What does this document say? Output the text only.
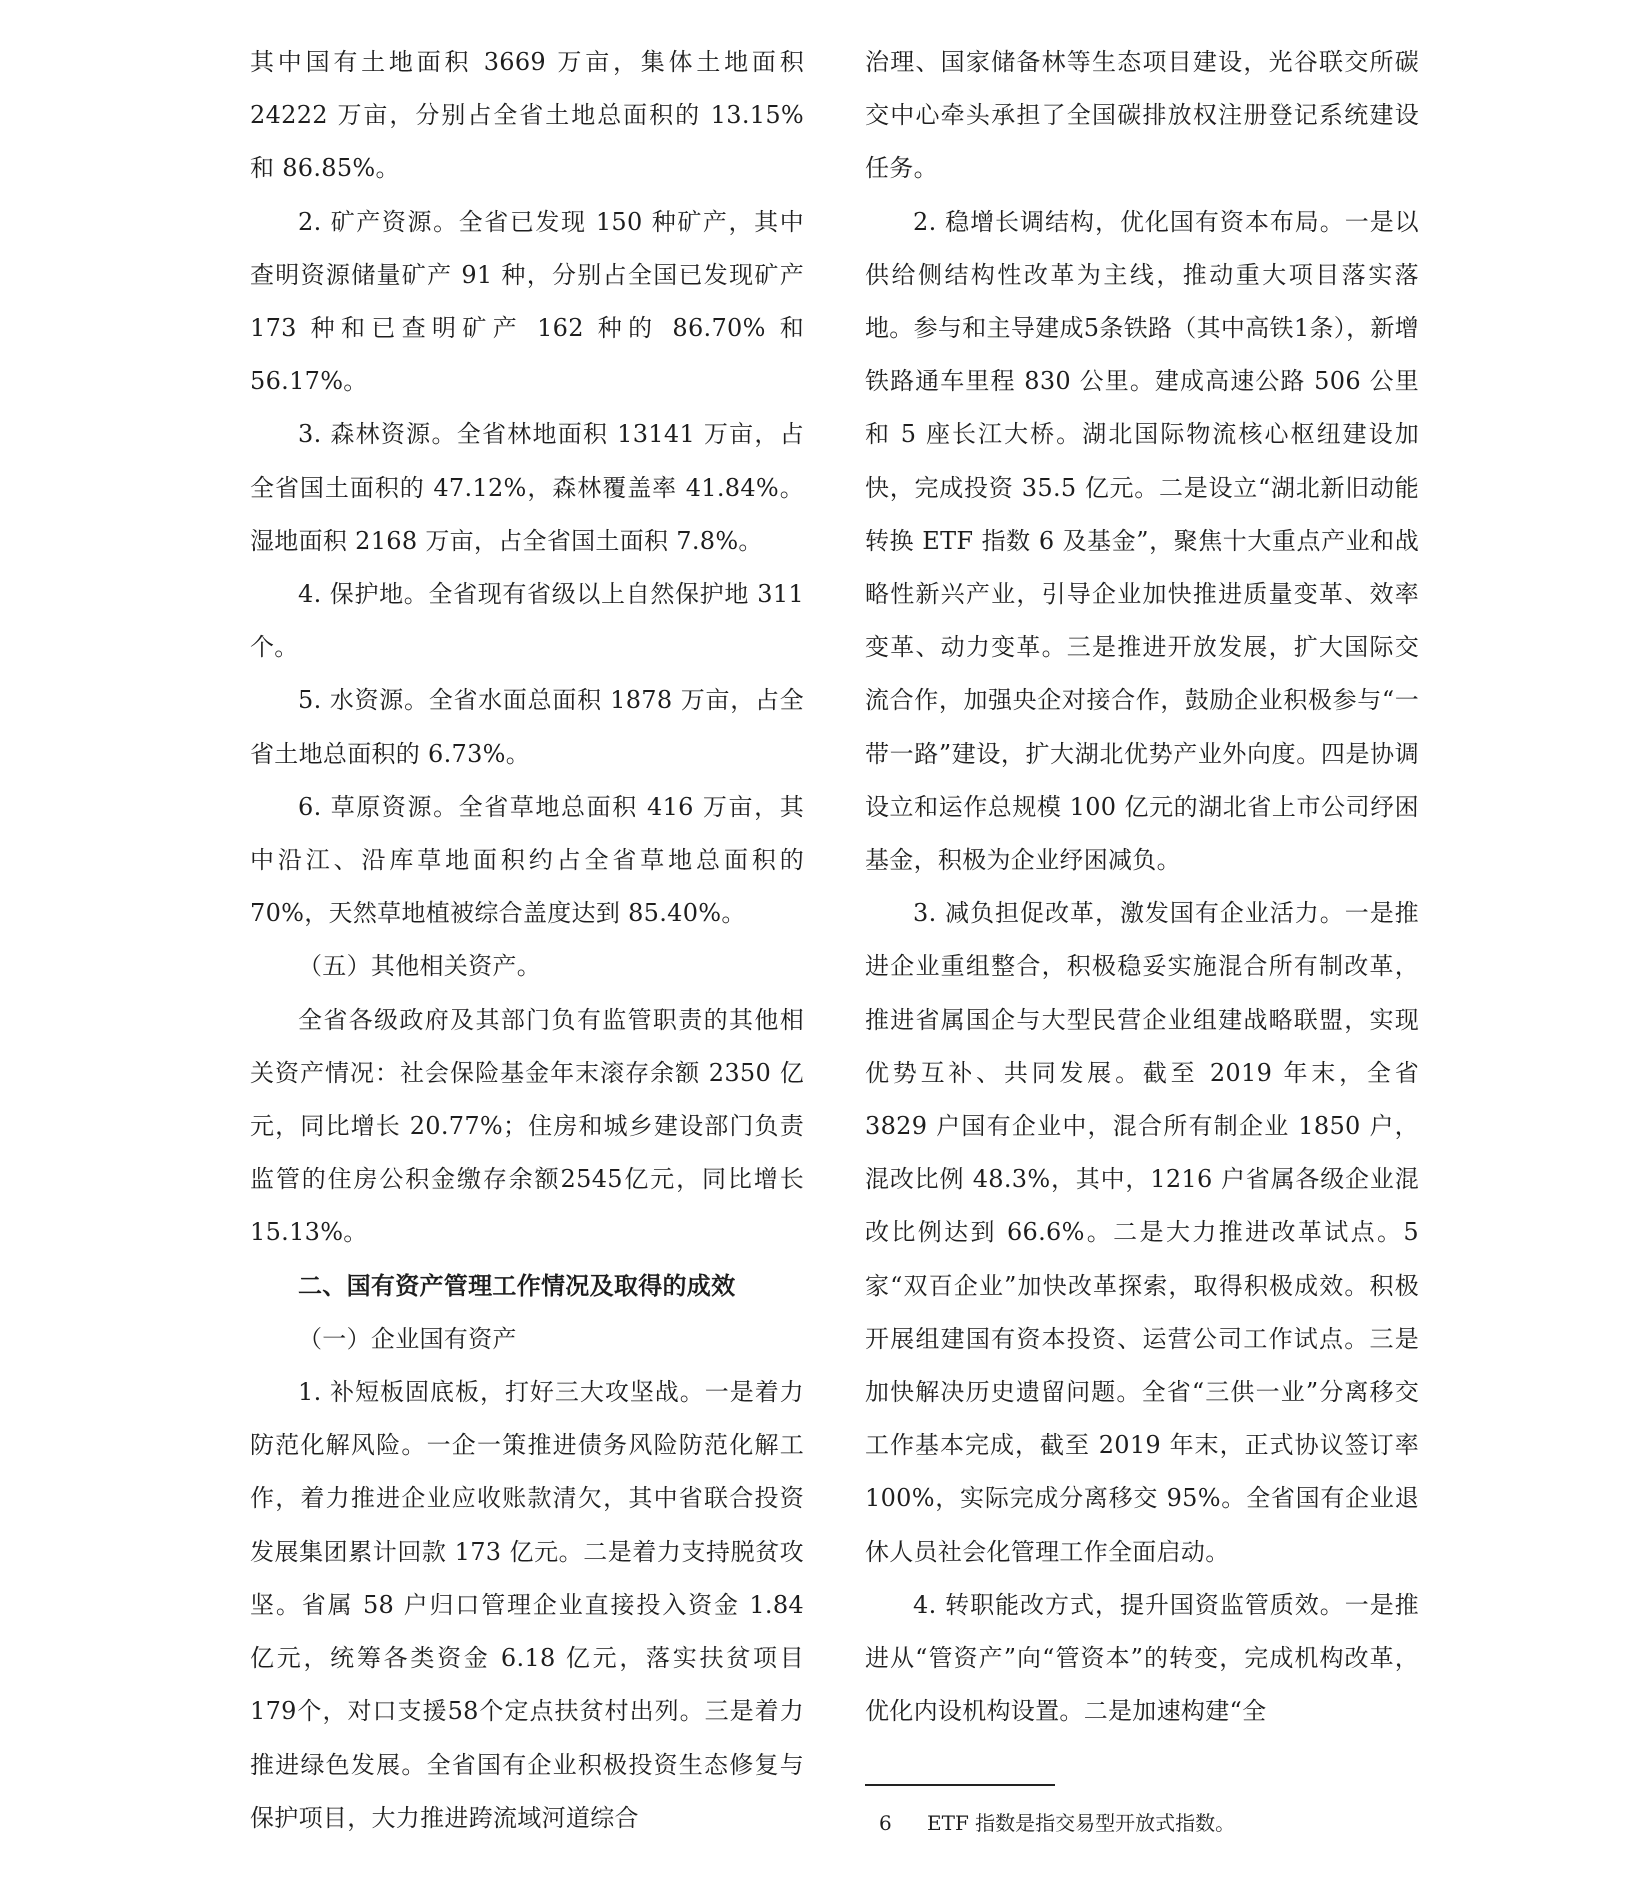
其中国有土地面积 3669 万亩，集体土地面积 24222 万亩，分别占全省土地总面积的 13.15% 和 86.85%。

2. 矿产资源。全省已发现 150 种矿产，其中查明资源储量矿产 91 种，分别占全国已发现矿产 173 种和已查明矿产 162 种的 86.70% 和 56.17%。

3. 森林资源。全省林地面积 13141 万亩，占全省国土面积的 47.12%，森林覆盖率 41.84%。湿地面积 2168 万亩，占全省国土面积 7.8%。

4. 保护地。全省现有省级以上自然保护地 311 个。

5. 水资源。全省水面总面积 1878 万亩，占全省土地总面积的 6.73%。

6. 草原资源。全省草地总面积 416 万亩，其中沿江、沿库草地面积约占全省草地总面积的 70%，天然草地植被综合盖度达到 85.40%。

（五）其他相关资产。

全省各级政府及其部门负有监管职责的其他相关资产情况：社会保险基金年末滚存余额 2350 亿元，同比增长 20.77%；住房和城乡建设部门负责监管的住房公积金缴存余额2545亿元，同比增长 15.13%。

二、国有资产管理工作情况及取得的成效

（一）企业国有资产

1. 补短板固底板，打好三大攻坚战。一是着力防范化解风险。一企一策推进债务风险防范化解工作，着力推进企业应收账款清欠，其中省联合投资发展集团累计回款 173 亿元。二是着力支持脱贫攻坚。省属 58 户归口管理企业直接投入资金 1.84 亿元，统筹各类资金 6.18 亿元，落实扶贫项目179个，对口支援58个定点扶贫村出列。三是着力推进绿色发展。全省国有企业积极投资生态修复与保护项目，大力推进跨流域河道综合

治理、国家储备林等生态项目建设，光谷联交所碳交中心牵头承担了全国碳排放权注册登记系统建设任务。

2. 稳增长调结构，优化国有资本布局。一是以供给侧结构性改革为主线，推动重大项目落实落地。参与和主导建成5条铁路（其中高铁1条），新增铁路通车里程 830 公里。建成高速公路 506 公里和 5 座长江大桥。湖北国际物流核心枢纽建设加快，完成投资 35.5 亿元。二是设立“湖北新旧动能转换 ETF 指数 6 及基金”，聚焦十大重点产业和战略性新兴产业，引导企业加快推进质量变革、效率变革、动力变革。三是推进开放发展，扩大国际交流合作，加强央企对接合作，鼓励企业积极参与“一带一路”建设，扩大湖北优势产业外向度。四是协调设立和运作总规模 100 亿元的湖北省上市公司纾困基金，积极为企业纾困减负。

3. 减负担促改革，激发国有企业活力。一是推进企业重组整合，积极稳妥实施混合所有制改革，推进省属国企与大型民营企业组建战略联盟，实现优势互补、共同发展。截至 2019 年末，全省 3829 户国有企业中，混合所有制企业 1850 户，混改比例 48.3%，其中，1216 户省属各级企业混改比例达到 66.6%。二是大力推进改革试点。5 家“双百企业”加快改革探索，取得积极成效。积极开展组建国有资本投资、运营公司工作试点。三是加快解决历史遗留问题。全省“三供一业”分离移交工作基本完成，截至 2019 年末，正式协议签订率 100%，实际完成分离移交 95%。全省国有企业退休人员社会化管理工作全面启动。

4. 转职能改方式，提升国资监管质效。一是推进从“管资产”向“管资本”的转变，完成机构改革，优化内设机构设置。二是加速构建“全

6 ETF 指数是指交易型开放式指数。
